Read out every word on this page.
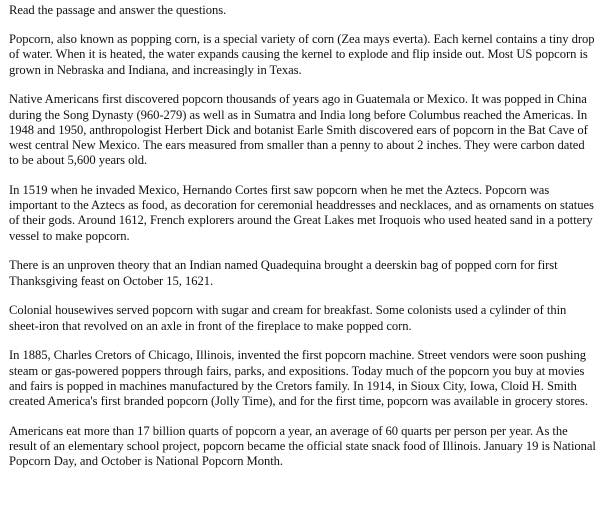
Read the passage and answer the questions.

Popcorn, also known as popping corn, is a special variety of corn (Zea mays everta). Each kernel contains a tiny drop of water. When it is heated, the water expands causing the kernel to explode and flip inside out. Most US popcorn is grown in Nebraska and Indiana, and increasingly in Texas.

Native Americans first discovered popcorn thousands of years ago in Guatemala or Mexico. It was popped in China during the Song Dynasty (960-279) as well as in Sumatra and India long before Columbus reached the Americas. In 1948 and 1950, anthropologist Herbert Dick and botanist Earle Smith discovered ears of popcorn in the Bat Cave of west central New Mexico. The ears measured from smaller than a penny to about 2 inches. They were carbon dated to be about 5,600 years old.

In 1519 when he invaded Mexico, Hernando Cortes first saw popcorn when he met the Aztecs. Popcorn was important to the Aztecs as food, as decoration for ceremonial headdresses and necklaces, and as ornaments on statues of their gods. Around 1612, French explorers around the Great Lakes met Iroquois who used heated sand in a pottery vessel to make popcorn.

There is an unproven theory that an Indian named Quadequina brought a deerskin bag of popped corn for first Thanksgiving feast on October 15, 1621.

Colonial housewives served popcorn with sugar and cream for breakfast. Some colonists used a cylinder of thin sheet-iron that revolved on an axle in front of the fireplace to make popped corn.

In 1885, Charles Cretors of Chicago, Illinois, invented the first popcorn machine. Street vendors were soon pushing steam or gas-powered poppers through fairs, parks, and expositions. Today much of the popcorn you buy at movies and fairs is popped in machines manufactured by the Cretors family. In 1914, in Sioux City, Iowa, Cloid H. Smith created America's first branded popcorn (Jolly Time), and for the first time, popcorn was available in grocery stores.

Americans eat more than 17 billion quarts of popcorn a year, an average of 60 quarts per person per year. As the result of an elementary school project, popcorn became the official state snack food of Illinois. January 19 is National Popcorn Day, and October is National Popcorn Month.
